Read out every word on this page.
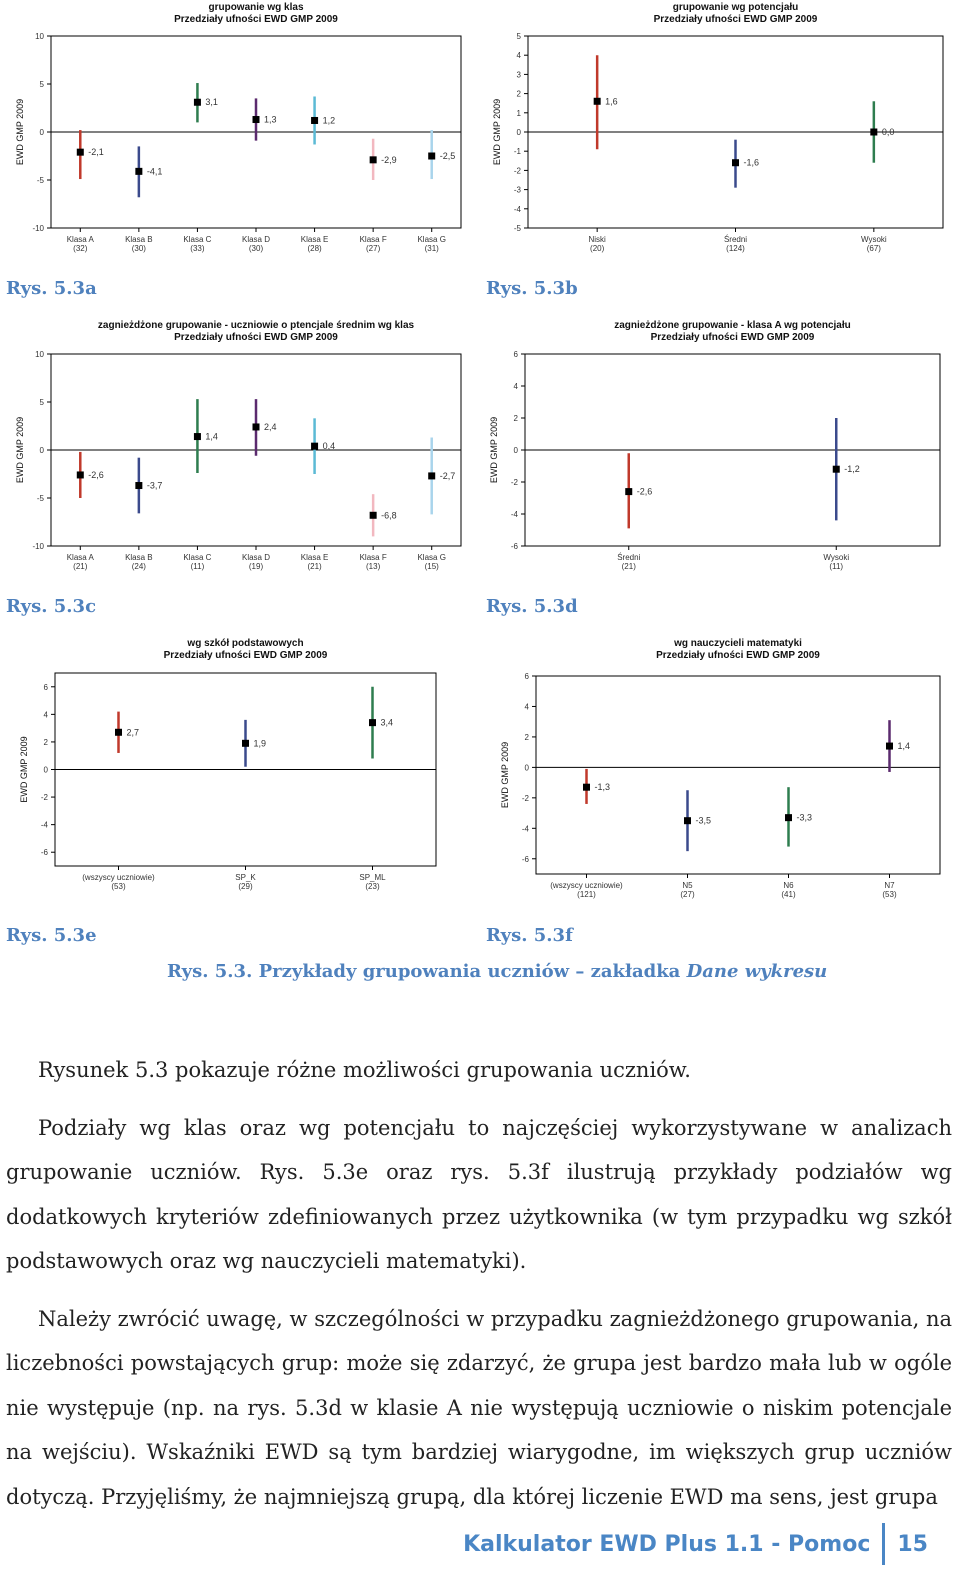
grupowanie wg klas
Przedziały ufności EWD GMP 2009
10
5
0
-5
-10
EWD GMP 2009
Klasa A
(32)
-2,1
Klasa B
(30)
-4,1
Klasa C
(33)
3,1
Klasa D
(30)
1,3
Klasa E
(28)
1,2
Klasa F
(27)
-2,9
Klasa G
(31)
-2,5
grupowanie wg potencjału
Przedziały ufności EWD GMP 2009
5
4
3
2
1
0
-1
-2
-3
-4
-5
EWD GMP 2009
Niski
(20)
1,6
Średni
(124)
-1,6
Wysoki
(67)
0,0
zagnieżdżone grupowanie - uczniowie o ptencjale średnim wg klas
Przedziały ufności EWD GMP 2009
10
5
0
-5
-10
EWD GMP 2009
Klasa A
(21)
-2,6
Klasa B
(24)
-3,7
Klasa C
(11)
1,4
Klasa D
(19)
2,4
Klasa E
(21)
0,4
Klasa F
(13)
-6,8
Klasa G
(15)
-2,7
zagnieżdżone grupowanie - klasa A wg potencjału
Przedziały ufności EWD GMP 2009
6
4
2
0
-2
-4
-6
EWD GMP 2009
Średni
(21)
-2,6
Wysoki
(11)
-1,2
wg szkół podstawowych
Przedziały ufności EWD GMP 2009
6
4
2
0
-2
-4
-6
EWD GMP 2009
(wszyscy uczniowie)
(53)
2,7
SP_K
(29)
1,9
SP_ML
(23)
3,4
wg nauczycieli matematyki
Przedziały ufności EWD GMP 2009
6
4
2
0
-2
-4
-6
EWD GMP 2009
(wszyscy uczniowie)
(121)
-1,3
N5
(27)
-3,5
N6
(41)
-3,3
N7
(53)
1,4
Rys. 5.3a	Rys. 5.3b
Rys. 5.3c	Rys. 5.3d
Rys. 5.3e	Rys. 5.3f
Rys. 5.3. Przykłady grupowania uczniów – zakładka Dane wykresu
Rysunek 5.3 pokazuje różne możliwości grupowania uczniów.
Podziały wg klas oraz wg potencjału to najczęściej wykorzystywane w analizach grupowanie uczniów. Rys. 5.3e oraz rys. 5.3f ilustrują przykłady podziałów wg dodatkowych kryteriów zdefiniowanych przez użytkownika (w tym przypadku wg szkół podstawowych oraz wg nauczycieli matematyki).
Należy zwrócić uwagę, w szczególności w przypadku zagnieżdżonego grupowania, na liczebności powstających grup: może się zdarzyć, że grupa jest bardzo mała lub w ogóle nie występuje (np. na rys. 5.3d w klasie A nie występują uczniowie o niskim potencjale na wejściu). Wskaźniki EWD są tym bardziej wiarygodne, im większych grup uczniów dotyczą. Przyjęliśmy, że najmniejszą grupą, dla której liczenie EWD ma sens, jest grupa
Kalkulator EWD Plus 1.1 - Pomoc 15
